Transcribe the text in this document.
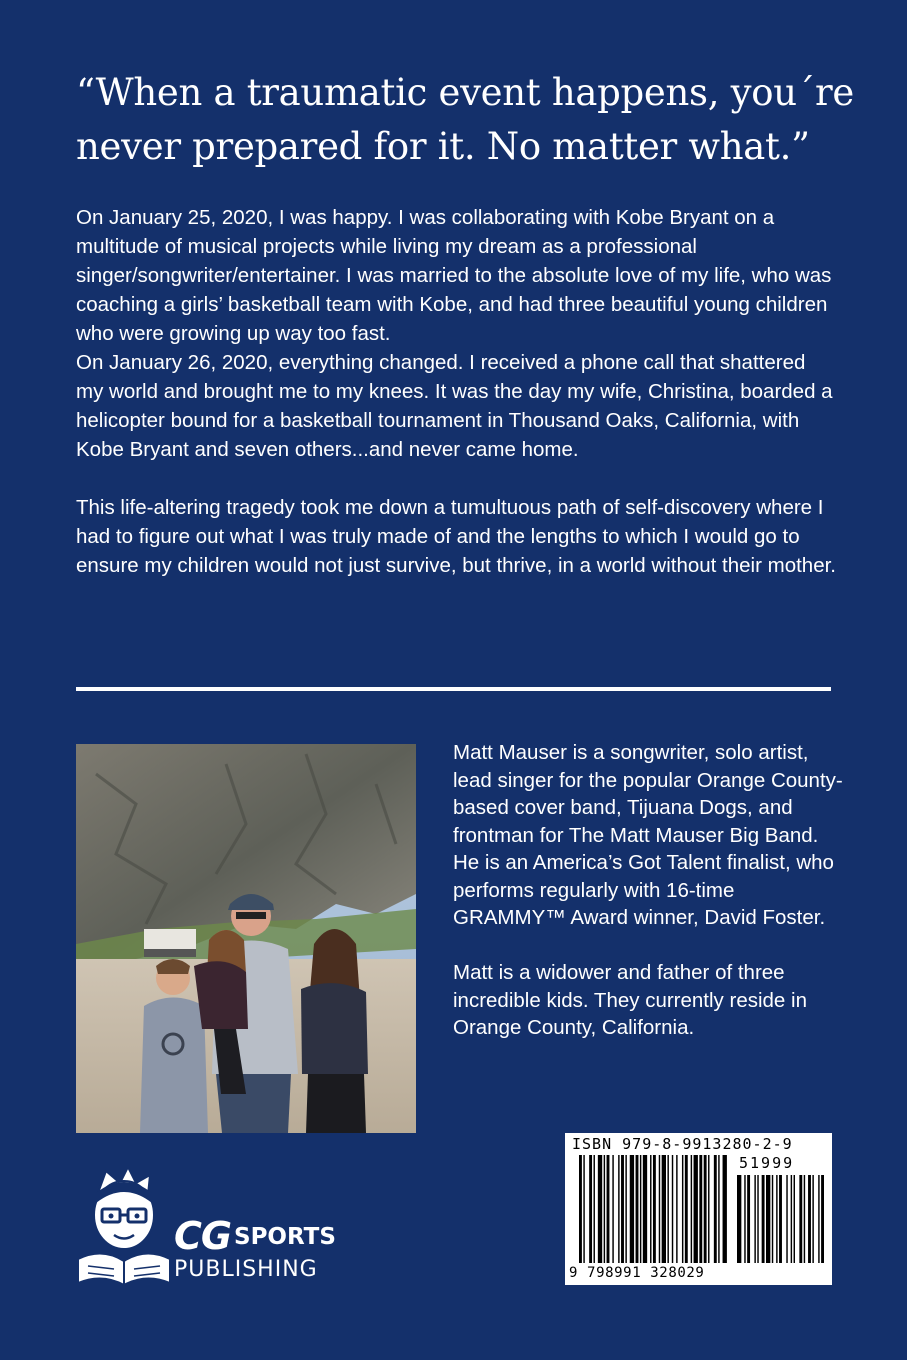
“When a traumatic event happens, you´re never prepared for it. No matter what.”

On January 25, 2020, I was happy. I was collaborating with Kobe Bryant on a multitude of musical projects while living my dream as a professional singer/songwriter/entertainer. I was married to the absolute love of my life, who was coaching a girls’ basketball team with Kobe, and had three beautiful young children who were growing up way too fast.

On January 26, 2020, everything changed. I received a phone call that shattered my world and brought me to my knees. It was the day my wife, Christina, boarded a helicopter bound for a basketball tournament in Thousand Oaks, California, with Kobe Bryant and seven others...and never came home.

This life-altering tragedy took me down a tumultuous path of self-discovery where I had to figure out what I was truly made of and the lengths to which I would go to ensure my children would not just survive, but thrive, in a world without their mother.

Matt Mauser is a songwriter, solo artist, lead singer for the popular Orange County-based cover band, Tijuana Dogs, and frontman for The Matt Mauser Big Band. He is an America’s Got Talent finalist, who performs regularly with 16-time GRAMMY™ Award winner, David Foster.

Matt is a widower and father of three incredible kids. They currently reside in Orange County, California.

CG SPORTS
PUBLISHING
ISBN 979-8-9913280-2-9
51999
9 798991 328029
